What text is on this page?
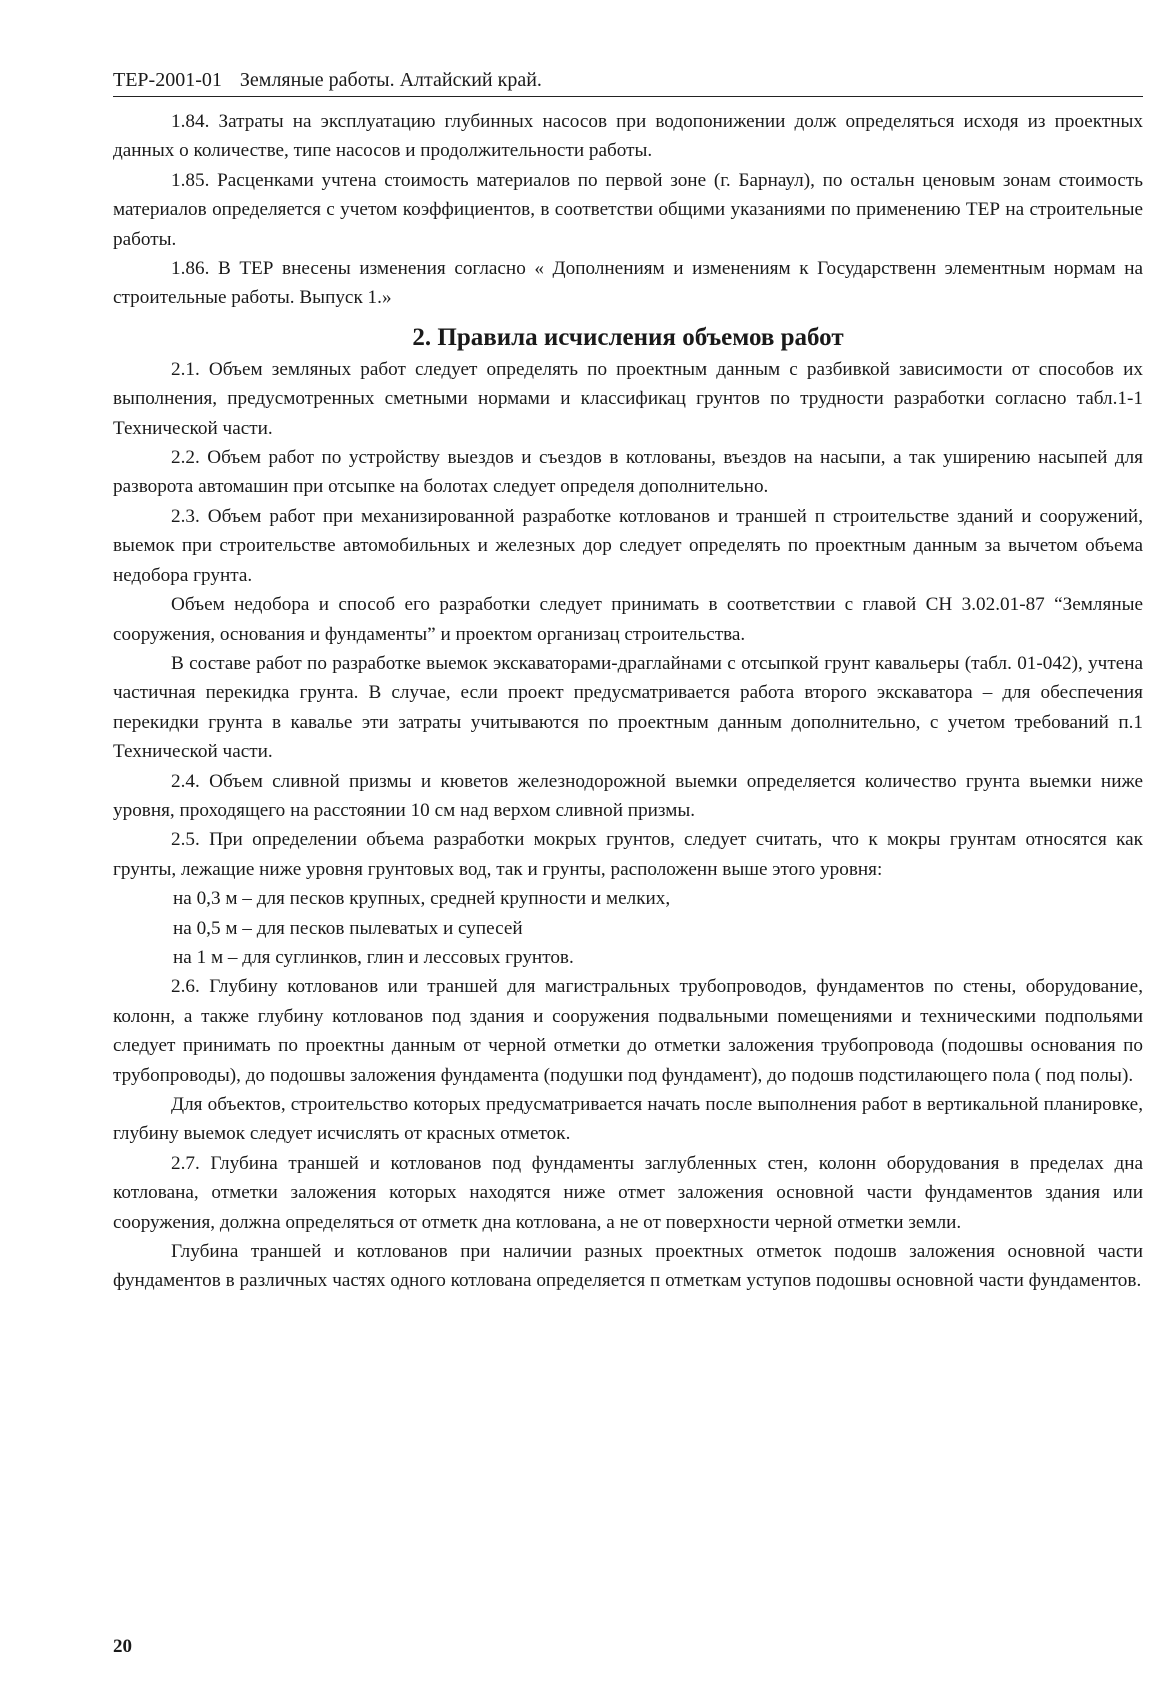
ТЕР-2001-01 Земляные работы. Алтайский край.

1.84. Затраты на эксплуатацию глубинных насосов при водопонижении долж определяться исходя из проектных данных о количестве, типе насосов и продолжительности работы.

1.85. Расценками учтена стоимость материалов по первой зоне (г. Барнаул), по остальн ценовым зонам стоимость материалов определяется с учетом коэффициентов, в соответстви общими указаниями по применению ТЕР на строительные работы.

1.86. В ТЕР внесены изменения согласно « Дополнениям и изменениям к Государственн элементным нормам на строительные работы. Выпуск 1.»

2. Правила исчисления объемов работ

2.1. Объем земляных работ следует определять по проектным данным с разбивкой зависимости от способов их выполнения, предусмотренных сметными нормами и классификац грунтов по трудности разработки согласно табл.1-1 Технической части.

2.2. Объем работ по устройству выездов и съездов в котлованы, въездов на насыпи, а так уширению насыпей для разворота автомашин при отсыпке на болотах следует определя дополнительно.

2.3. Объем работ при механизированной разработке котлованов и траншей п строительстве зданий и сооружений, выемок при строительстве автомобильных и железных дор следует определять по проектным данным за вычетом объема недобора грунта.

Объем недобора и способ его разработки следует принимать в соответствии с главой СН 3.02.01-87 “Земляные сооружения, основания и фундаменты” и проектом организац строительства.

В составе работ по разработке выемок экскаваторами-драглайнами с отсыпкой грунт кавальеры (табл. 01-042), учтена частичная перекидка грунта. В случае, если проект предусматривается работа второго экскаватора – для обеспечения перекидки грунта в кавалье эти затраты учитываются по проектным данным дополнительно, с учетом требований п.1 Технической части.

2.4. Объем сливной призмы и кюветов железнодорожной выемки определяется количество грунта выемки ниже уровня, проходящего на расстоянии 10 см над верхом сливной призмы.

2.5. При определении объема разработки мокрых грунтов, следует считать, что к мокры грунтам относятся как грунты, лежащие ниже уровня грунтовых вод, так и грунты, расположенн выше этого уровня:

на 0,3 м – для песков крупных, средней крупности и мелких,

на 0,5 м – для песков пылеватых и супесей

на 1 м – для суглинков, глин и лессовых грунтов.

2.6. Глубину котлованов или траншей для магистральных трубопроводов, фундаментов по стены, оборудование, колонн, а также глубину котлованов под здания и сооружения подвальными помещениями и техническими подпольями следует принимать по проектны данным от черной отметки до отметки заложения трубопровода (подошвы основания по трубопроводы), до подошвы заложения фундамента (подушки под фундамент), до подошв подстилающего пола ( под полы).

Для объектов, строительство которых предусматривается начать после выполнения работ в вертикальной планировке, глубину выемок следует исчислять от красных отметок.

2.7. Глубина траншей и котлованов под фундаменты заглубленных стен, колонн оборудования в пределах дна котлована, отметки заложения которых находятся ниже отмет заложения основной части фундаментов здания или сооружения, должна определяться от отметк дна котлована, а не от поверхности черной отметки земли.

Глубина траншей и котлованов при наличии разных проектных отметок подошв заложения основной части фундаментов в различных частях одного котлована определяется п отметкам уступов подошвы основной части фундаментов.

20
